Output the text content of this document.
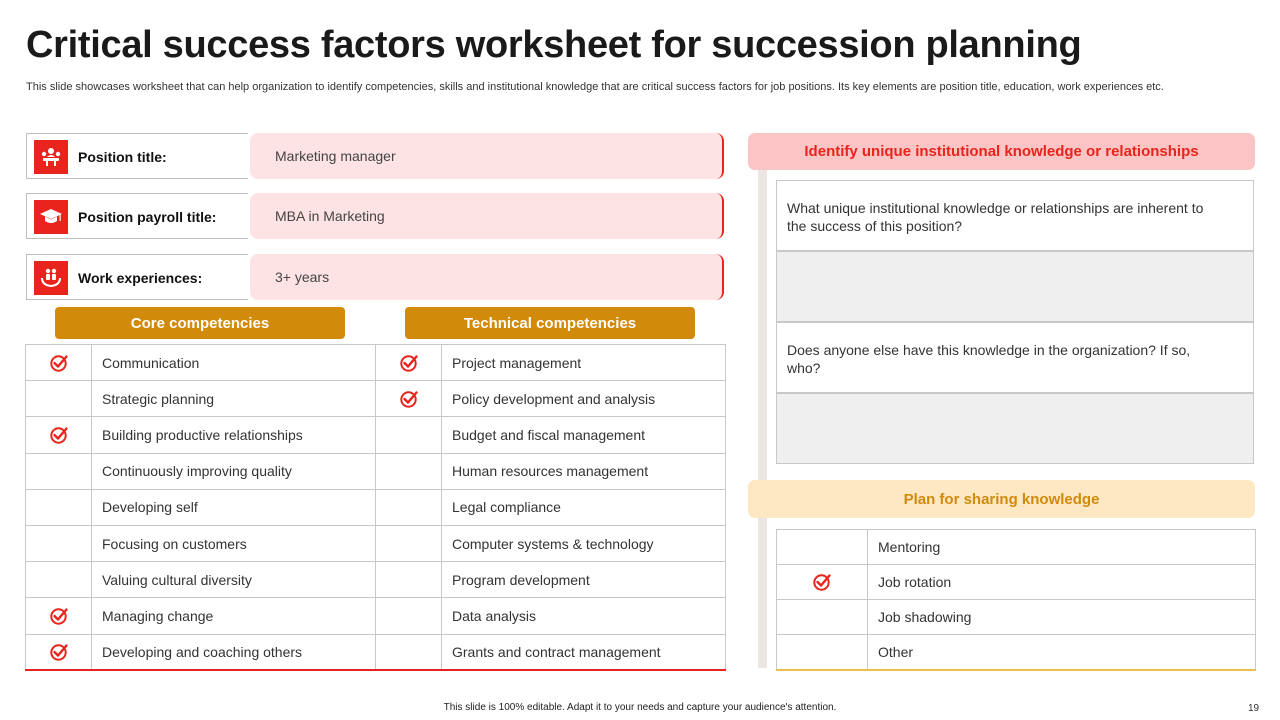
Critical success factors worksheet for succession planning
This slide showcases worksheet that can help organization to identify competencies, skills and institutional knowledge that are critical success factors for job positions. Its key elements are position title, education, work experiences etc.
Position title:	Marketing manager
Position payroll title:	MBA in Marketing
Work experiences:	3+ years
Core competencies	Technical competencies
	Communication		Project management
	Strategic planning		Policy development and analysis
	Building productive relationships		Budget and fiscal management
	Continuously improving quality		Human resources management
	Developing self		Legal compliance
	Focusing on customers		Computer systems & technology
	Valuing cultural diversity		Program development
	Managing change		Data analysis
	Developing and coaching others		Grants and contract management
Identify unique institutional knowledge or relationships
What unique institutional knowledge or relationships are inherent to the success of this position?
Does anyone else have this knowledge in the organization? If so, who?
Plan for sharing knowledge
	Mentoring
	Job rotation
	Job shadowing
	Other
This slide is 100% editable. Adapt it to your needs and capture your audience's attention.	19
